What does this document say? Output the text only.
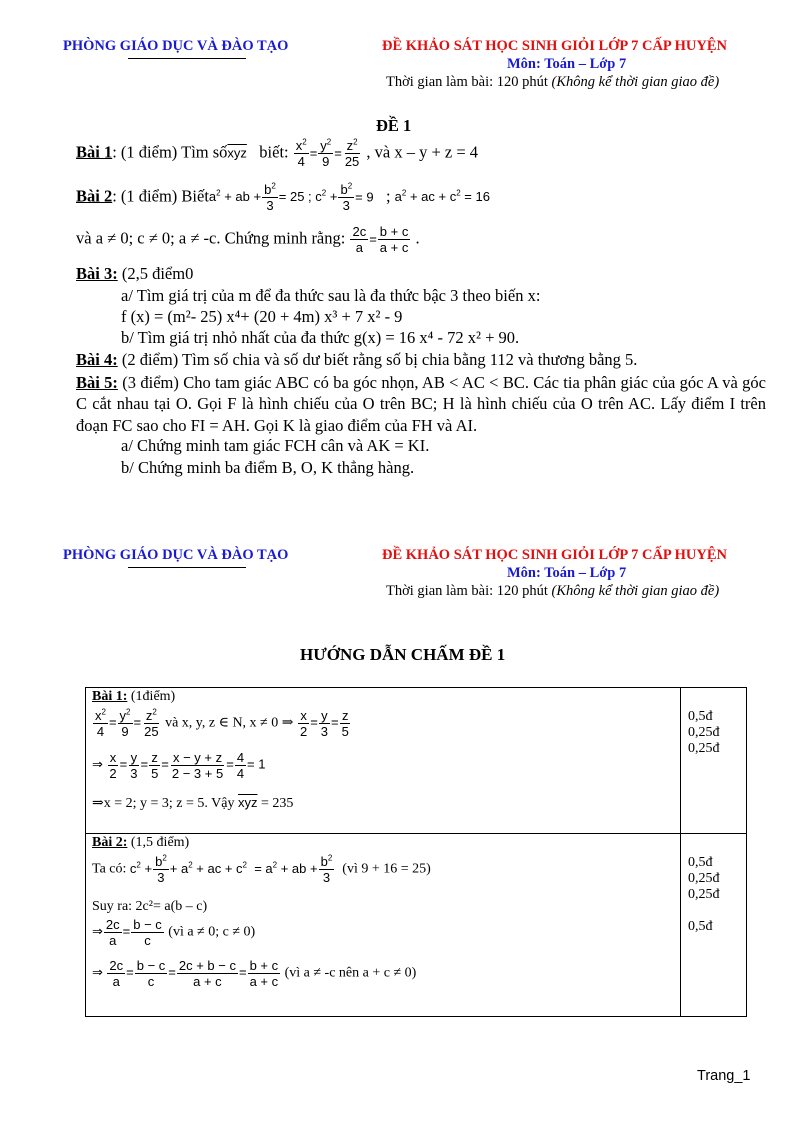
PHÒNG GIÁO DỤC VÀ ĐÀO TẠO	ĐỀ KHẢO SÁT HỌC SINH GIỎI LỚP 7 CẤP HUYỆN
Môn: Toán – Lớp 7
Thời gian làm bài: 120 phút (Không kể thời gian giao đề)
ĐỀ 1
Bài 1: (1 điểm) Tìm $số\overline{xyz}$ biết: $\frac{x^2}{4} = \frac{y^2}{9} = \frac{z^2}{25}$ , và x – y + z = 4
Bài 2: (1 điểm) Biếta$^2$ + ab + $\frac{b^2}{3} = 25$ ; $c^2 + \frac{b^2}{3} = 9$   ; $a^2$ + ac + $c^2 = 16$
và a ≠ 0; c ≠ 0; a ≠ -c. Chứng minh rằng: $\frac{2c}{a} = \frac{b + c}{a + c}$ .
Bài 3: (2,5 điểm0
a/ Tìm giá trị của m để đa thức sau là đa thức bậc 3 theo biến x:
f (x) = (m²- 25) x⁴+ (20 + 4m) x³ + 7 x² - 9
b/ Tìm giá trị nhỏ nhất của đa thức g(x) = 16 x⁴ - 72 x² + 90.
Bài 4: (2 điểm) Tìm số chia và số dư biết rằng số bị chia bằng 112 và thương bằng 5.
Bài 5: (3 điểm) Cho tam giác ABC có ba góc nhọn, AB < AC < BC. Các tia phân giác của góc A và góc C cắt nhau tại O. Gọi F là hình chiếu của O trên BC; H là hình chiếu của O trên AC. Lấy điểm I trên đoạn FC sao cho FI = AH. Gọi K là giao điểm của FH và AI.
a/ Chứng minh tam giác FCH cân và AK = KI.
b/ Chứng minh ba điểm B, O, K thẳng hàng.
PHÒNG GIÁO DỤC VÀ ĐÀO TẠO	ĐỀ KHẢO SÁT HỌC SINH GIỎI LỚP 7 CẤP HUYỆN
Môn: Toán – Lớp 7
Thời gian làm bài: 120 phút (Không kể thời gian giao đề)
HƯỚNG DẪN CHẤM ĐỀ 1
Bài 1: (1điểm)
$\frac{x^2}{4} = \frac{y^2}{9} = \frac{z^2}{25}$ và x, y, z ∈ N, x ≠ 0 ⇒ $\frac{x}{2} = \frac{y}{3} = \frac{z}{5}$
⇒ $\frac{x}{2} = \frac{y}{3} = \frac{z}{5} = \frac{x - y + z}{2 - 3 + 5} = \frac{4}{4} = 1$
⇒x = 2; y = 3; z = 5. Vậy $\overline{xyz} = 235$
0,5đ
0,25đ
0,25đ
Bài 2: (1,5 điểm)
Ta có: $c^2 + \frac{b^2}{3} + a^2$ + ac + $c^2 = a^2$ + ab + $\frac{b^2}{3}$ (vì 9 + 16 = 25)
Suy ra: 2c²= a(b – c)
⇒ $\frac{2c}{a} = \frac{b - c}{c}$ (vì a ≠ 0; c ≠ 0)
⇒ $\frac{2c}{a} = \frac{b - c}{c} = \frac{2c + b - c}{a + c} = \frac{b + c}{a + c}$ (vì a ≠ -c nên a + c ≠ 0)
0,5đ
0,25đ
0,25đ
0,5đ
Trang_1
